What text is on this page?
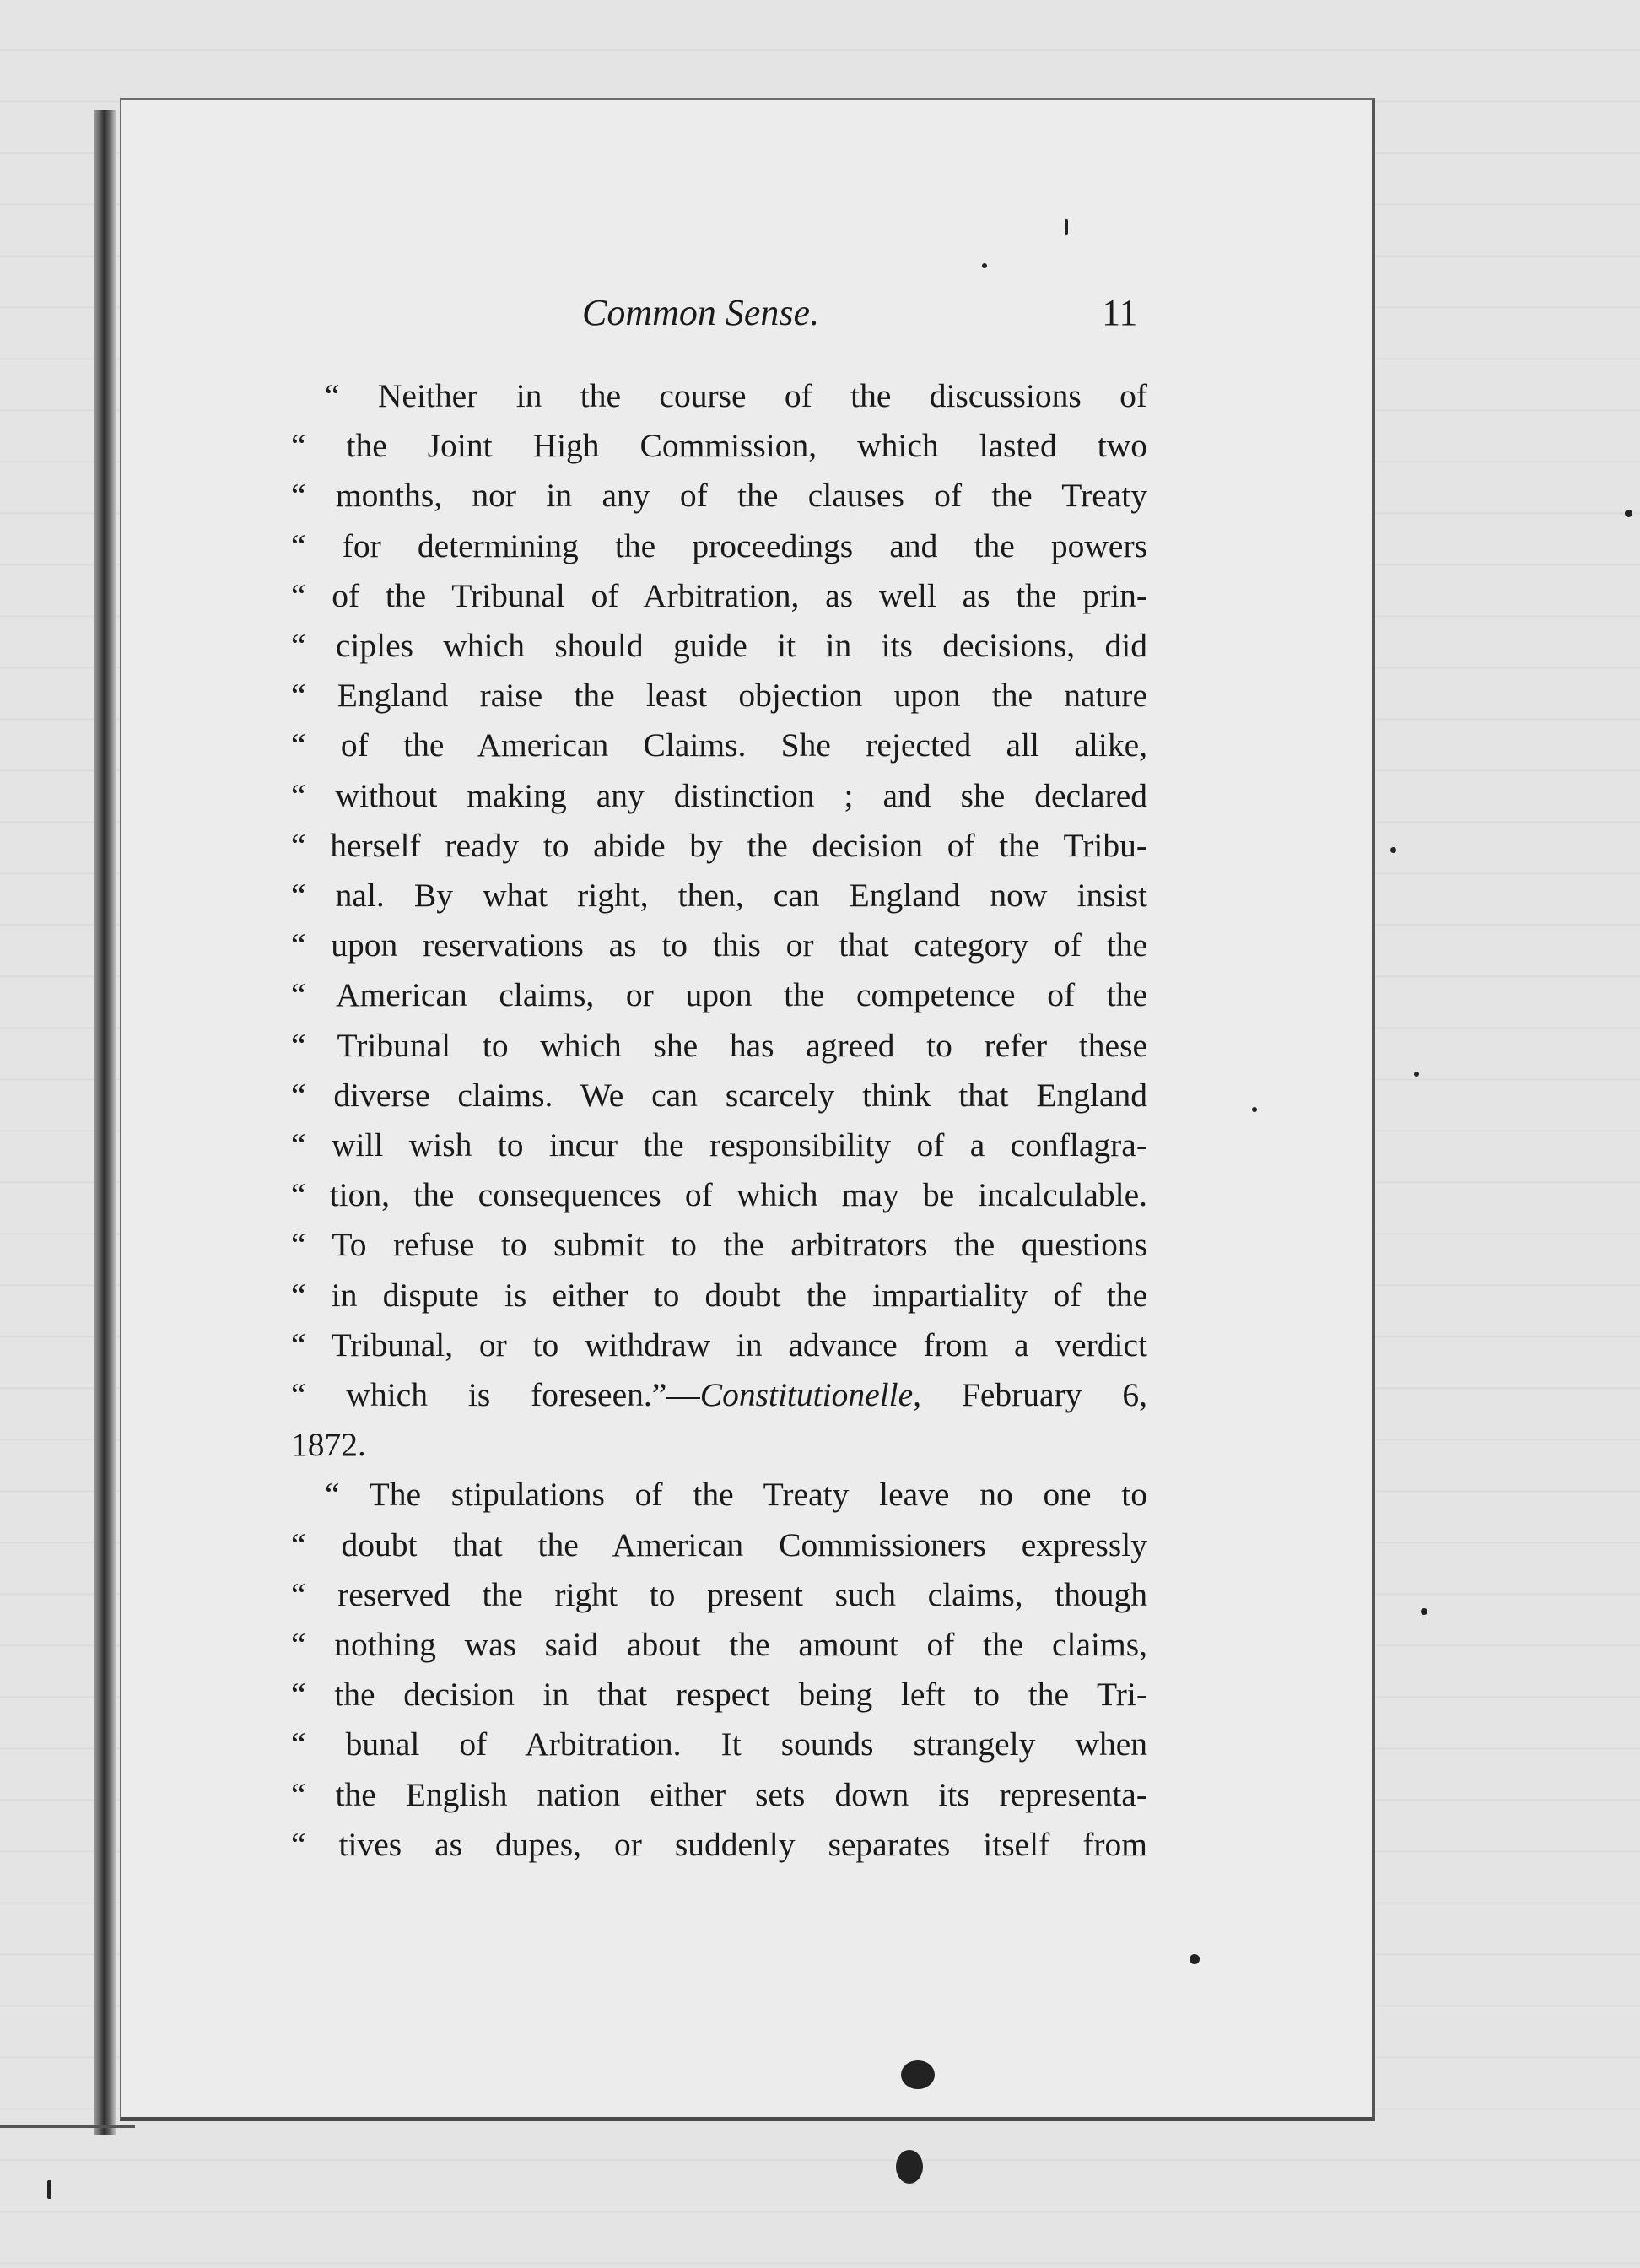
Common Sense.	11

“ Neither in the course of the discussions of

“ the Joint High Commission, which lasted two

“ months, nor in any of the clauses of the Treaty

“ for determining the proceedings and the powers

“ of the Tribunal of Arbitration, as well as the prin-

“ ciples which should guide it in its decisions, did

“ England raise the least objection upon the nature

“ of the American Claims. She rejected all alike,

“ without making any distinction ; and she declared

“ herself ready to abide by the decision of the Tribu-

“ nal. By what right, then, can England now insist

“ upon reservations as to this or that category of the

“ American claims, or upon the competence of the

“ Tribunal to which she has agreed to refer these

“ diverse claims. We can scarcely think that England

“ will wish to incur the responsibility of a conflagra-

“ tion, the consequences of which may be incalculable.

“ To refuse to submit to the arbitrators the questions

“ in dispute is either to doubt the impartiality of the

“ Tribunal, or to withdraw in advance from a verdict

“ which is foreseen.”—Constitutionelle, February 6,

1872.

“ The stipulations of the Treaty leave no one to

“ doubt that the American Commissioners expressly

“ reserved the right to present such claims, though

“ nothing was said about the amount of the claims,

“ the decision in that respect being left to the Tri-

“ bunal of Arbitration. It sounds strangely when

“ the English nation either sets down its representa-

“ tives as dupes, or suddenly separates itself from
